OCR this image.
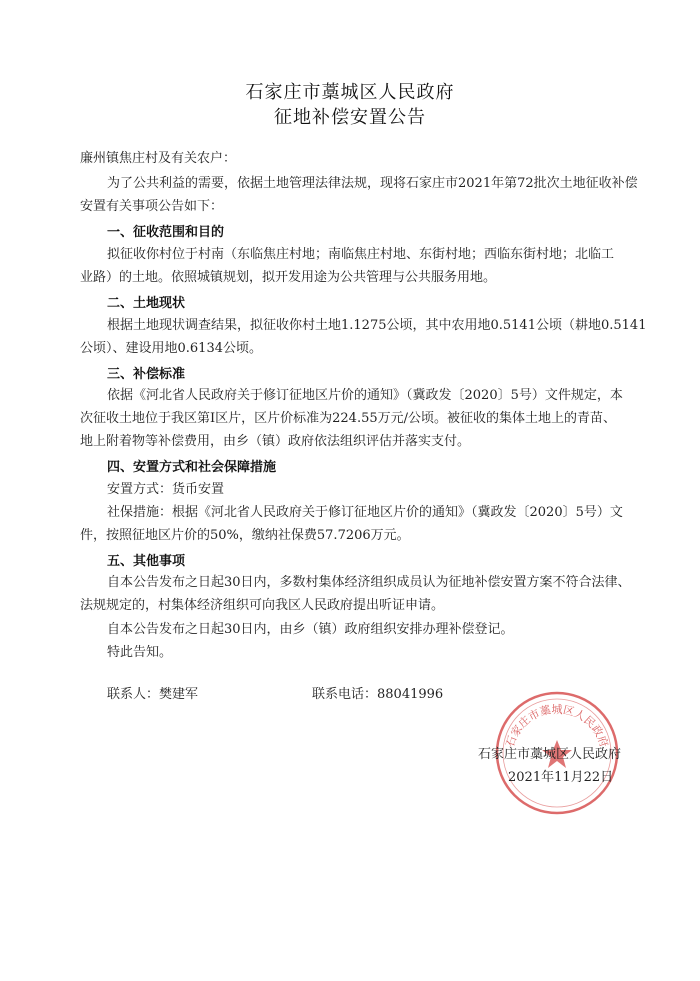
石家庄市藁城区人民政府
征地补偿安置公告
廉州镇焦庄村及有关农户：
为了公共利益的需要，依据土地管理法律法规，现将石家庄市2021年第72批次土地征收补偿
安置有关事项公告如下：
一、征收范围和目的
拟征收你村位于村南（东临焦庄村地；南临焦庄村地、东街村地；西临东街村地；北临工
业路）的土地。依照城镇规划，拟开发用途为公共管理与公共服务用地。
二、土地现状
根据土地现状调查结果，拟征收你村土地1.1275公顷，其中农用地0.5141公顷（耕地0.5141
公顷）、建设用地0.6134公顷。
三、补偿标准
依据《河北省人民政府关于修订征地区片价的通知》（冀政发〔2020〕5号）文件规定，本
次征收土地位于我区第Ⅰ区片，区片价标准为224.55万元/公顷。被征收的集体土地上的青苗、
地上附着物等补偿费用，由乡（镇）政府依法组织评估并落实支付。
四、安置方式和社会保障措施
安置方式：货币安置
社保措施：根据《河北省人民政府关于修订征地区片价的通知》（冀政发〔2020〕5号）文
件，按照征地区片价的50%，缴纳社保费57.7206万元。
五、其他事项
自本公告发布之日起30日内，多数村集体经济组织成员认为征地补偿安置方案不符合法律、
法规规定的，村集体经济组织可向我区人民政府提出听证申请。
自本公告发布之日起30日内，由乡（镇）政府组织安排办理补偿登记。
特此告知。
联系人：樊建军	联系电话：88041996
石家庄市藁城区人民政府
石家庄市藁城区人民政府
2021年11月22日
